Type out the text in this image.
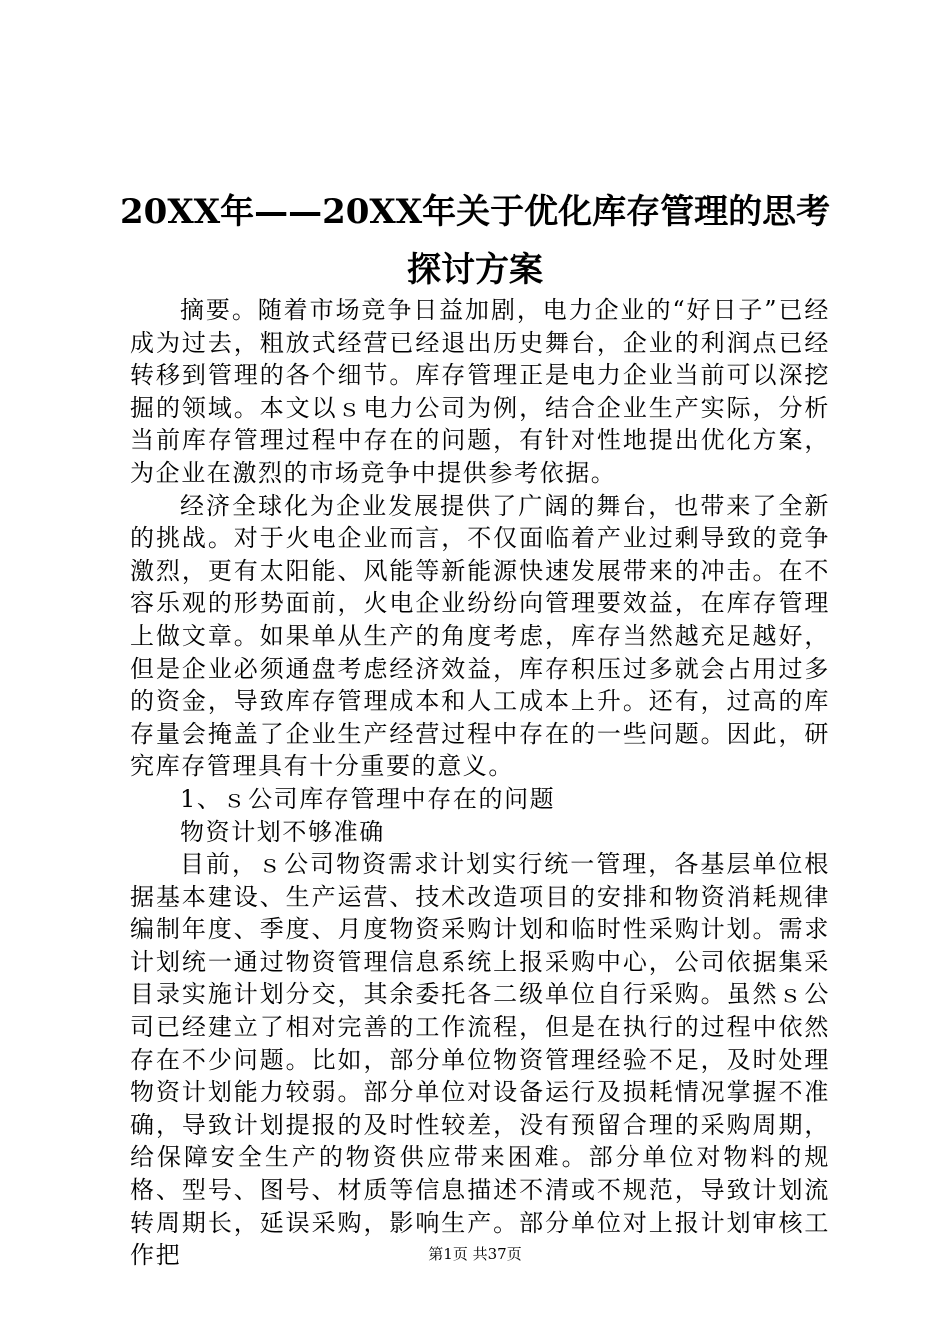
20XX年——20XX年关于优化库存管理的思考
探讨方案

摘要。随着市场竞争日益加剧，电力企业的“好日子”已经成为过去，粗放式经营已经退出历史舞台，企业的利润点已经转移到管理的各个细节。库存管理正是电力企业当前可以深挖掘的领域。本文以ｓ电力公司为例，结合企业生产实际，分析当前库存管理过程中存在的问题，有针对性地提出优化方案，为企业在激烈的市场竞争中提供参考依据。

经济全球化为企业发展提供了广阔的舞台，也带来了全新的挑战。对于火电企业而言，不仅面临着产业过剩导致的竞争激烈，更有太阳能、风能等新能源快速发展带来的冲击。在不容乐观的形势面前，火电企业纷纷向管理要效益，在库存管理上做文章。如果单从生产的角度考虑，库存当然越充足越好，但是企业必须通盘考虑经济效益，库存积压过多就会占用过多的资金，导致库存管理成本和人工成本上升。还有，过高的库存量会掩盖了企业生产经营过程中存在的一些问题。因此，研究库存管理具有十分重要的意义。

1、ｓ公司库存管理中存在的问题

物资计划不够准确

目前，ｓ公司物资需求计划实行统一管理，各基层单位根据基本建设、生产运营、技术改造项目的安排和物资消耗规律编制年度、季度、月度物资采购计划和临时性采购计划。需求计划统一通过物资管理信息系统上报采购中心，公司依据集采目录实施计划分交，其余委托各二级单位自行采购。虽然ｓ公司已经建立了相对完善的工作流程，但是在执行的过程中依然存在不少问题。比如，部分单位物资管理经验不足，及时处理物资计划能力较弱。部分单位对设备运行及损耗情况掌握不准确，导致计划提报的及时性较差，没有预留合理的采购周期，给保障安全生产的物资供应带来困难。部分单位对物料的规格、型号、图号、材质等信息描述不清或不规范，导致计划流转周期长，延误采购，影响生产。部分单位对上报计划审核工作把	第1页 共37页
